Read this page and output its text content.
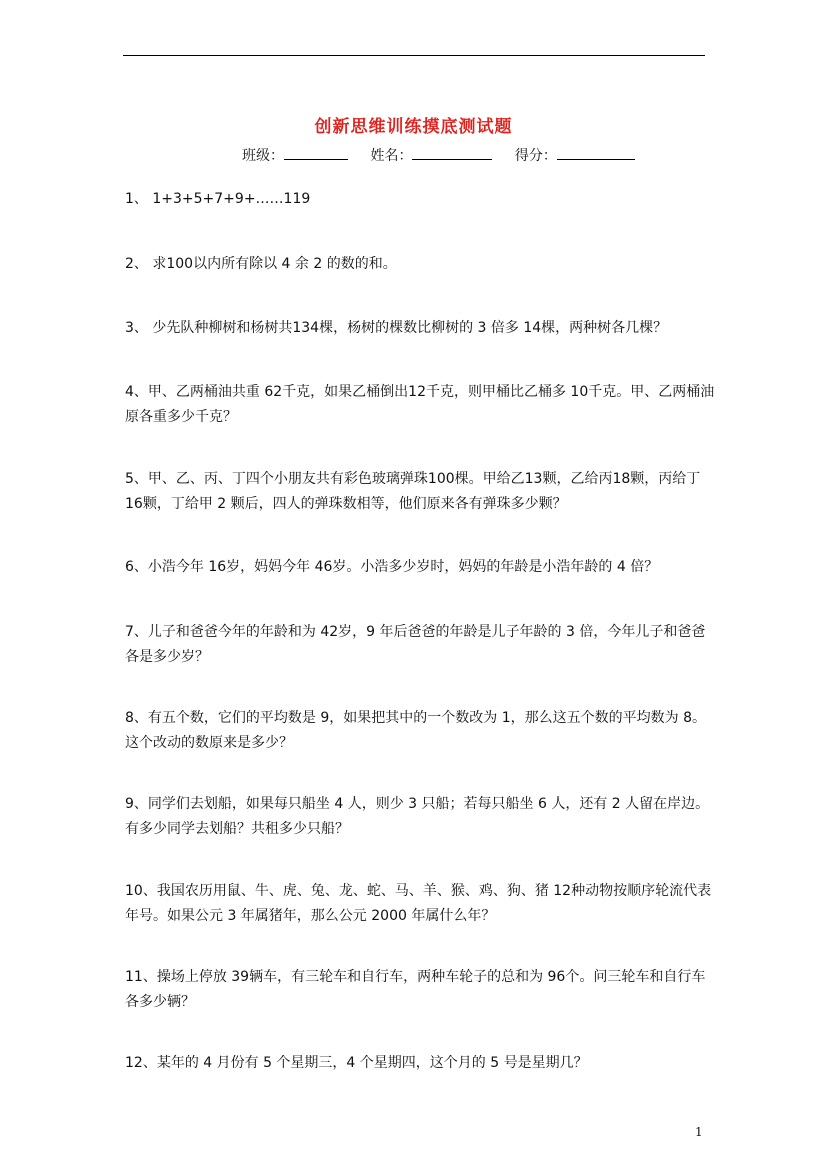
创新思维训练摸底测试题
班级：	姓名：	得分：
1、 1+3+5+7+9+……119
2、 求100以内所有除以 4 余 2 的数的和。
3、 少先队种柳树和杨树共134棵，杨树的棵数比柳树的 3 倍多 14棵，两种树各几棵？
4、甲、乙两桶油共重 62千克，如果乙桶倒出12千克，则甲桶比乙桶多 10千克。甲、乙两桶油原各重多少千克？
5、甲、乙、丙、丁四个小朋友共有彩色玻璃弹珠100棵。甲给乙13颗，乙给丙18颗，丙给丁 16颗，丁给甲 2 颗后，四人的弹珠数相等，他们原来各有弹珠多少颗？
6、小浩今年 16岁，妈妈今年 46岁。小浩多少岁时，妈妈的年龄是小浩年龄的 4 倍？
7、儿子和爸爸今年的年龄和为 42岁，9 年后爸爸的年龄是儿子年龄的 3 倍，今年儿子和爸爸各是多少岁？
8、有五个数，它们的平均数是 9，如果把其中的一个数改为 1，那么这五个数的平均数为 8。这个改动的数原来是多少？
9、同学们去划船，如果每只船坐 4 人，则少 3 只船；若每只船坐 6 人，还有 2 人留在岸边。有多少同学去划船？共租多少只船？
10、我国农历用鼠、牛、虎、兔、龙、蛇、马、羊、猴、鸡、狗、猪 12种动物按顺序轮流代表年号。如果公元 3 年属猪年，那么公元 2000 年属什么年？
11、操场上停放 39辆车，有三轮车和自行车，两种车轮子的总和为 96个。问三轮车和自行车各多少辆？
12、某年的 4 月份有 5 个星期三，4 个星期四，这个月的 5 号是星期几？
1
